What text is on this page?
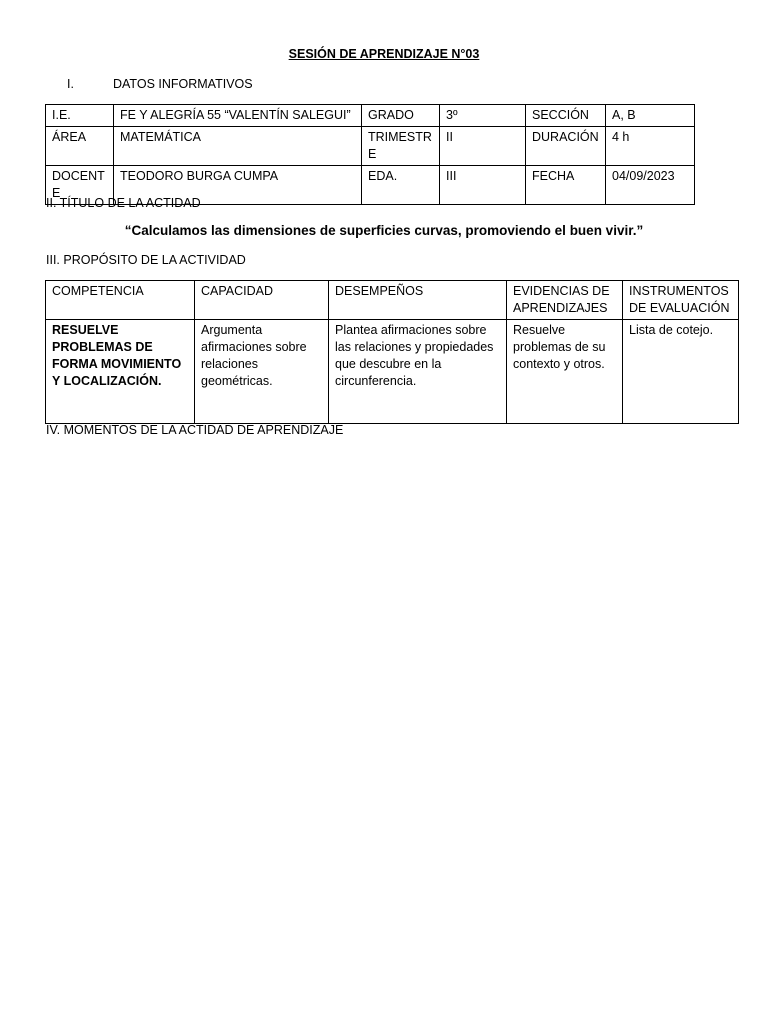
SESIÓN DE APRENDIZAJE N°03
I.	DATOS INFORMATIVOS
I.E.	FE Y ALEGRÍA 55 “VALENTÍN SALEGUI”	GRADO	3º	SECCIÓN	A, B
ÁREA	MATEMÁTICA	TRIMESTRE	II	DURACIÓN	4 h
DOCENTE	TEODORO BURGA CUMPA	EDA.	III	FECHA	04/09/2023
II. TÍTULO DE LA ACTIDAD
“Calculamos las dimensiones de superficies curvas, promoviendo el buen vivir.”
III. PROPÓSITO DE LA ACTIVIDAD
COMPETENCIA	CAPACIDAD	DESEMPEÑOS	EVIDENCIAS DE APRENDIZAJES	INSTRUMENTOS DE EVALUACIÓN
RESUELVE PROBLEMAS DE FORMA MOVIMIENTO Y LOCALIZACIÓN.	Argumenta afirmaciones sobre relaciones geométricas.	Plantea afirmaciones sobre las relaciones y propiedades que descubre en la circunferencia.	Resuelve problemas de su contexto y otros.	Lista de cotejo.
IV. MOMENTOS DE LA ACTIDAD DE APRENDIZAJE
